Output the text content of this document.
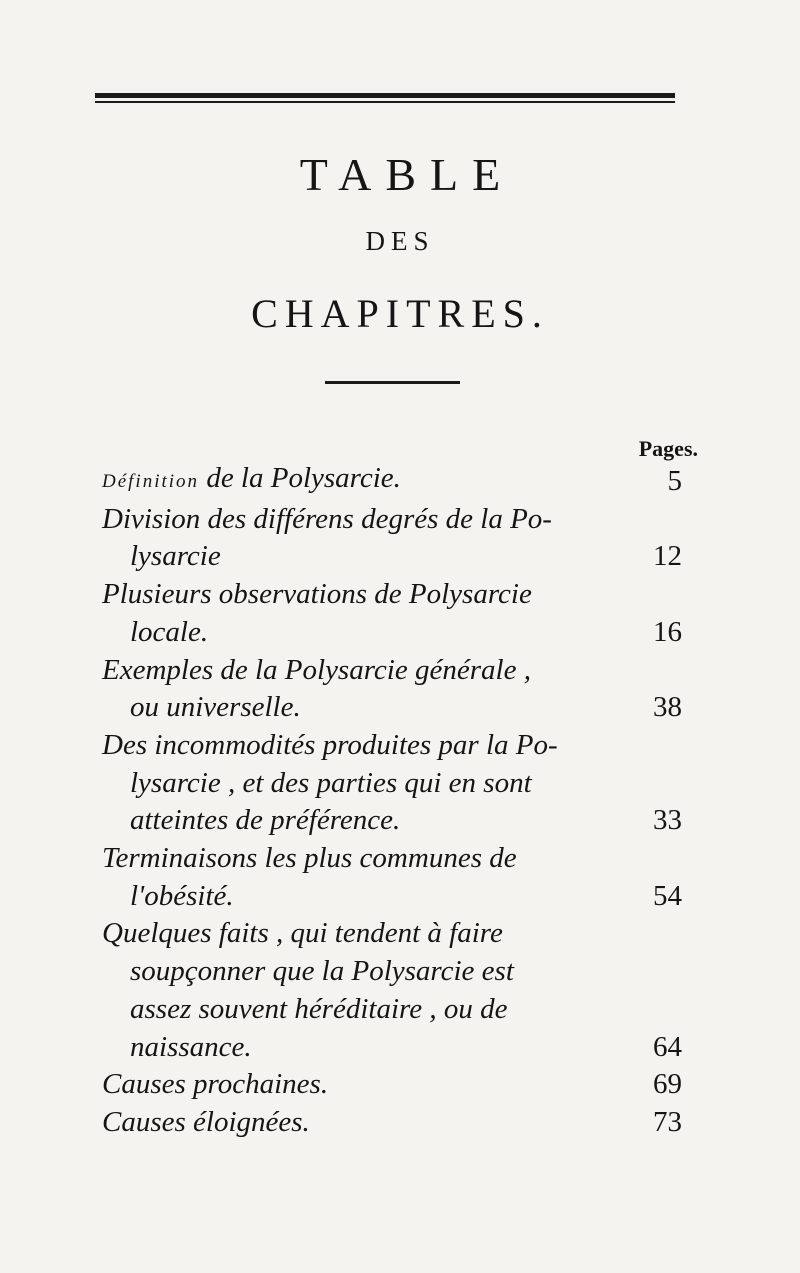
TABLE
DES
CHAPITRES.
Pages.
Définition de la Polysarcie.	5
Division des différens degrés de la Po-
lysarcie	12
Plusieurs observations de Polysarcie
locale.	16
Exemples de la Polysarcie générale ,
ou universelle.	38
Des incommodités produites par la Po-
lysarcie , et des parties qui en sont
atteintes de préférence.	33
Terminaisons les plus communes de
l'obésité.	54
Quelques faits , qui tendent à faire
soupçonner que la Polysarcie est
assez souvent héréditaire , ou de
naissance.	64
Causes prochaines.	69
Causes éloignées.	73
